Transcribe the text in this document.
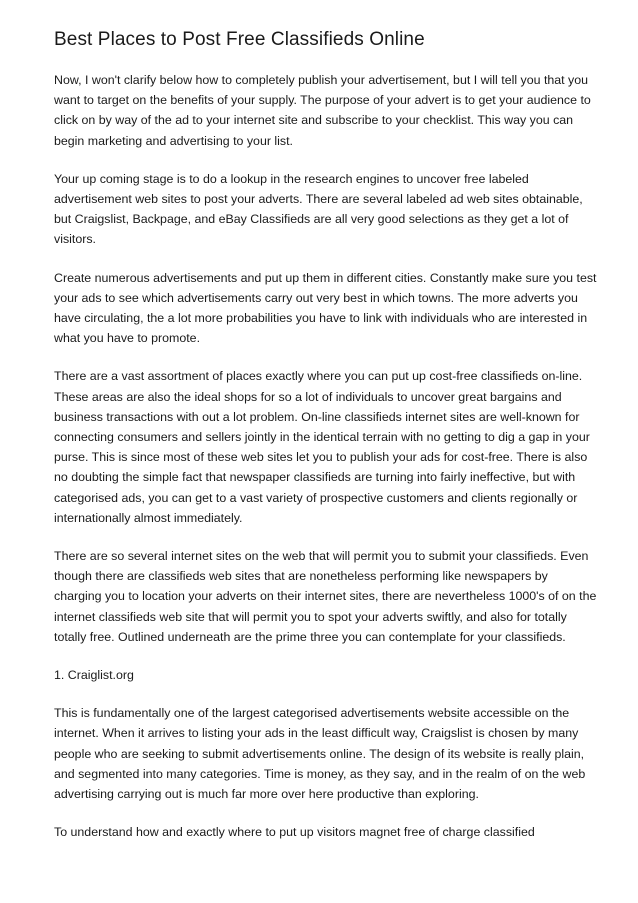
Best Places to Post Free Classifieds Online

Now, I won't clarify below how to completely publish your advertisement, but I will tell you that you want to target on the benefits of your supply. The purpose of your advert is to get your audience to click on by way of the ad to your internet site and subscribe to your checklist. This way you can begin marketing and advertising to your list.

Your up coming stage is to do a lookup in the research engines to uncover free labeled advertisement web sites to post your adverts. There are several labeled ad web sites obtainable, but Craigslist, Backpage, and eBay Classifieds are all very good selections as they get a lot of visitors.

Create numerous advertisements and put up them in different cities. Constantly make sure you test your ads to see which advertisements carry out very best in which towns. The more adverts you have circulating, the a lot more probabilities you have to link with individuals who are interested in what you have to promote.

There are a vast assortment of places exactly where you can put up cost-free classifieds on-line. These areas are also the ideal shops for so a lot of individuals to uncover great bargains and business transactions with out a lot problem. On-line classifieds internet sites are well-known for connecting consumers and sellers jointly in the identical terrain with no getting to dig a gap in your purse. This is since most of these web sites let you to publish your ads for cost-free. There is also no doubting the simple fact that newspaper classifieds are turning into fairly ineffective, but with categorised ads, you can get to a vast variety of prospective customers and clients regionally or internationally almost immediately.

There are so several internet sites on the web that will permit you to submit your classifieds. Even though there are classifieds web sites that are nonetheless performing like newspapers by charging you to location your adverts on their internet sites, there are nevertheless 1000's of on the internet classifieds web site that will permit you to spot your adverts swiftly, and also for totally totally free. Outlined underneath are the prime three you can contemplate for your classifieds.

1. Craiglist.org

This is fundamentally one of the largest categorised advertisements website accessible on the internet. When it arrives to listing your ads in the least difficult way, Craigslist is chosen by many people who are seeking to submit advertisements online. The design of its website is really plain, and segmented into many categories. Time is money, as they say, and in the realm of on the web advertising carrying out is much far more over here productive than exploring.

To understand how and exactly where to put up visitors magnet free of charge classified
